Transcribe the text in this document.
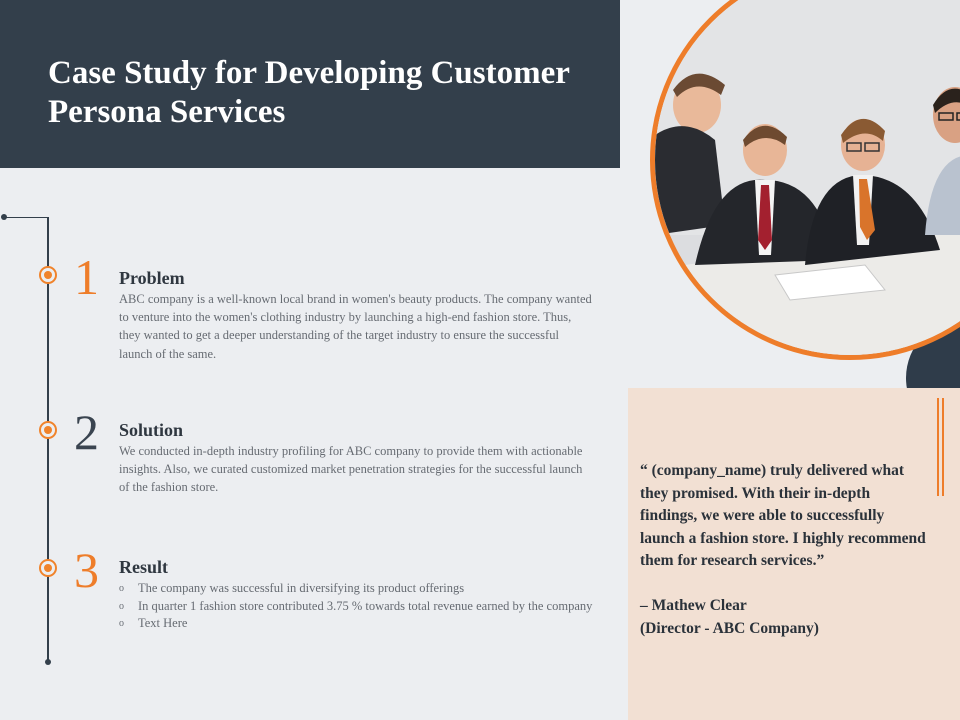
Case Study for Developing Customer Persona Services
1 Problem
ABC company is a well-known local brand in women's beauty products. The company wanted to venture into the women's clothing industry by launching a high-end fashion store. Thus, they wanted to get a deeper understanding of the target industry to ensure the successful launch of the same.
2 Solution
We conducted in-depth industry profiling for ABC company to provide them with actionable insights. Also, we curated customized market penetration strategies for the successful launch of the fashion store.
3 Result
o The company was successful in diversifying its product offerings
o In quarter 1 fashion store contributed 3.75 % towards total revenue earned by the company
o Text Here
“ (company_name) truly delivered what they promised. With their in-depth findings, we were able to successfully launch a fashion store. I highly recommend them for research services.”
– Mathew Clear
(Director - ABC Company)
